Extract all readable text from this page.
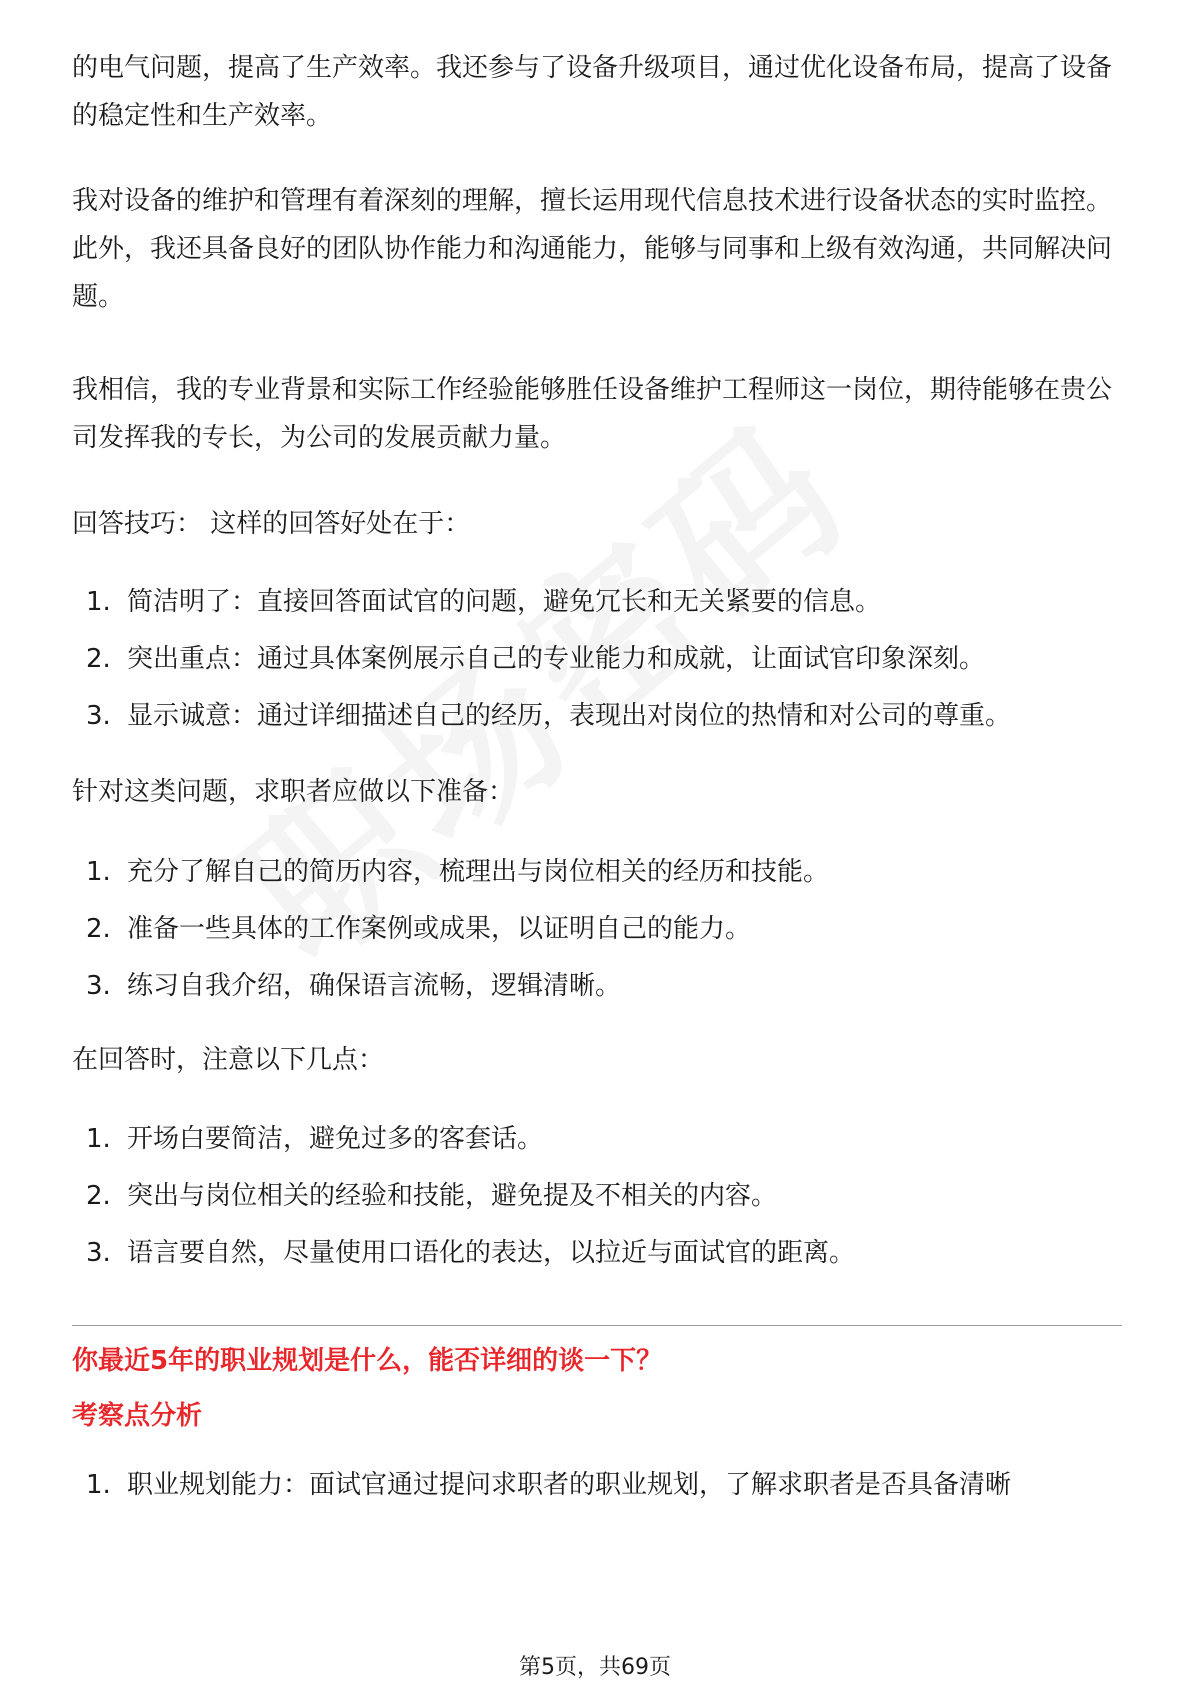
的电气问题，提高了生产效率。我还参与了设备升级项目，通过优化设备布局，提高了设备的稳定性和生产效率。

我对设备的维护和管理有着深刻的理解，擅长运用现代信息技术进行设备状态的实时监控。此外，我还具备良好的团队协作能力和沟通能力，能够与同事和上级有效沟通，共同解决问题。

我相信，我的专业背景和实际工作经验能够胜任设备维护工程师这一岗位，期待能够在贵公司发挥我的专长，为公司的发展贡献力量。

回答技巧： 这样的回答好处在于：

1. 简洁明了：直接回答面试官的问题，避免冗长和无关紧要的信息。
2. 突出重点：通过具体案例展示自己的专业能力和成就，让面试官印象深刻。
3. 显示诚意：通过详细描述自己的经历，表现出对岗位的热情和对公司的尊重。

针对这类问题，求职者应做以下准备：

1. 充分了解自己的简历内容，梳理出与岗位相关的经历和技能。
2. 准备一些具体的工作案例或成果，以证明自己的能力。
3. 练习自我介绍，确保语言流畅，逻辑清晰。

在回答时，注意以下几点：

1. 开场白要简洁，避免过多的客套话。
2. 突出与岗位相关的经验和技能，避免提及不相关的内容。
3. 语言要自然，尽量使用口语化的表达，以拉近与面试官的距离。

你最近5年的职业规划是什么，能否详细的谈一下？

考察点分析

1. 职业规划能力：面试官通过提问求职者的职业规划，了解求职者是否具备清晰
第5页，共69页
